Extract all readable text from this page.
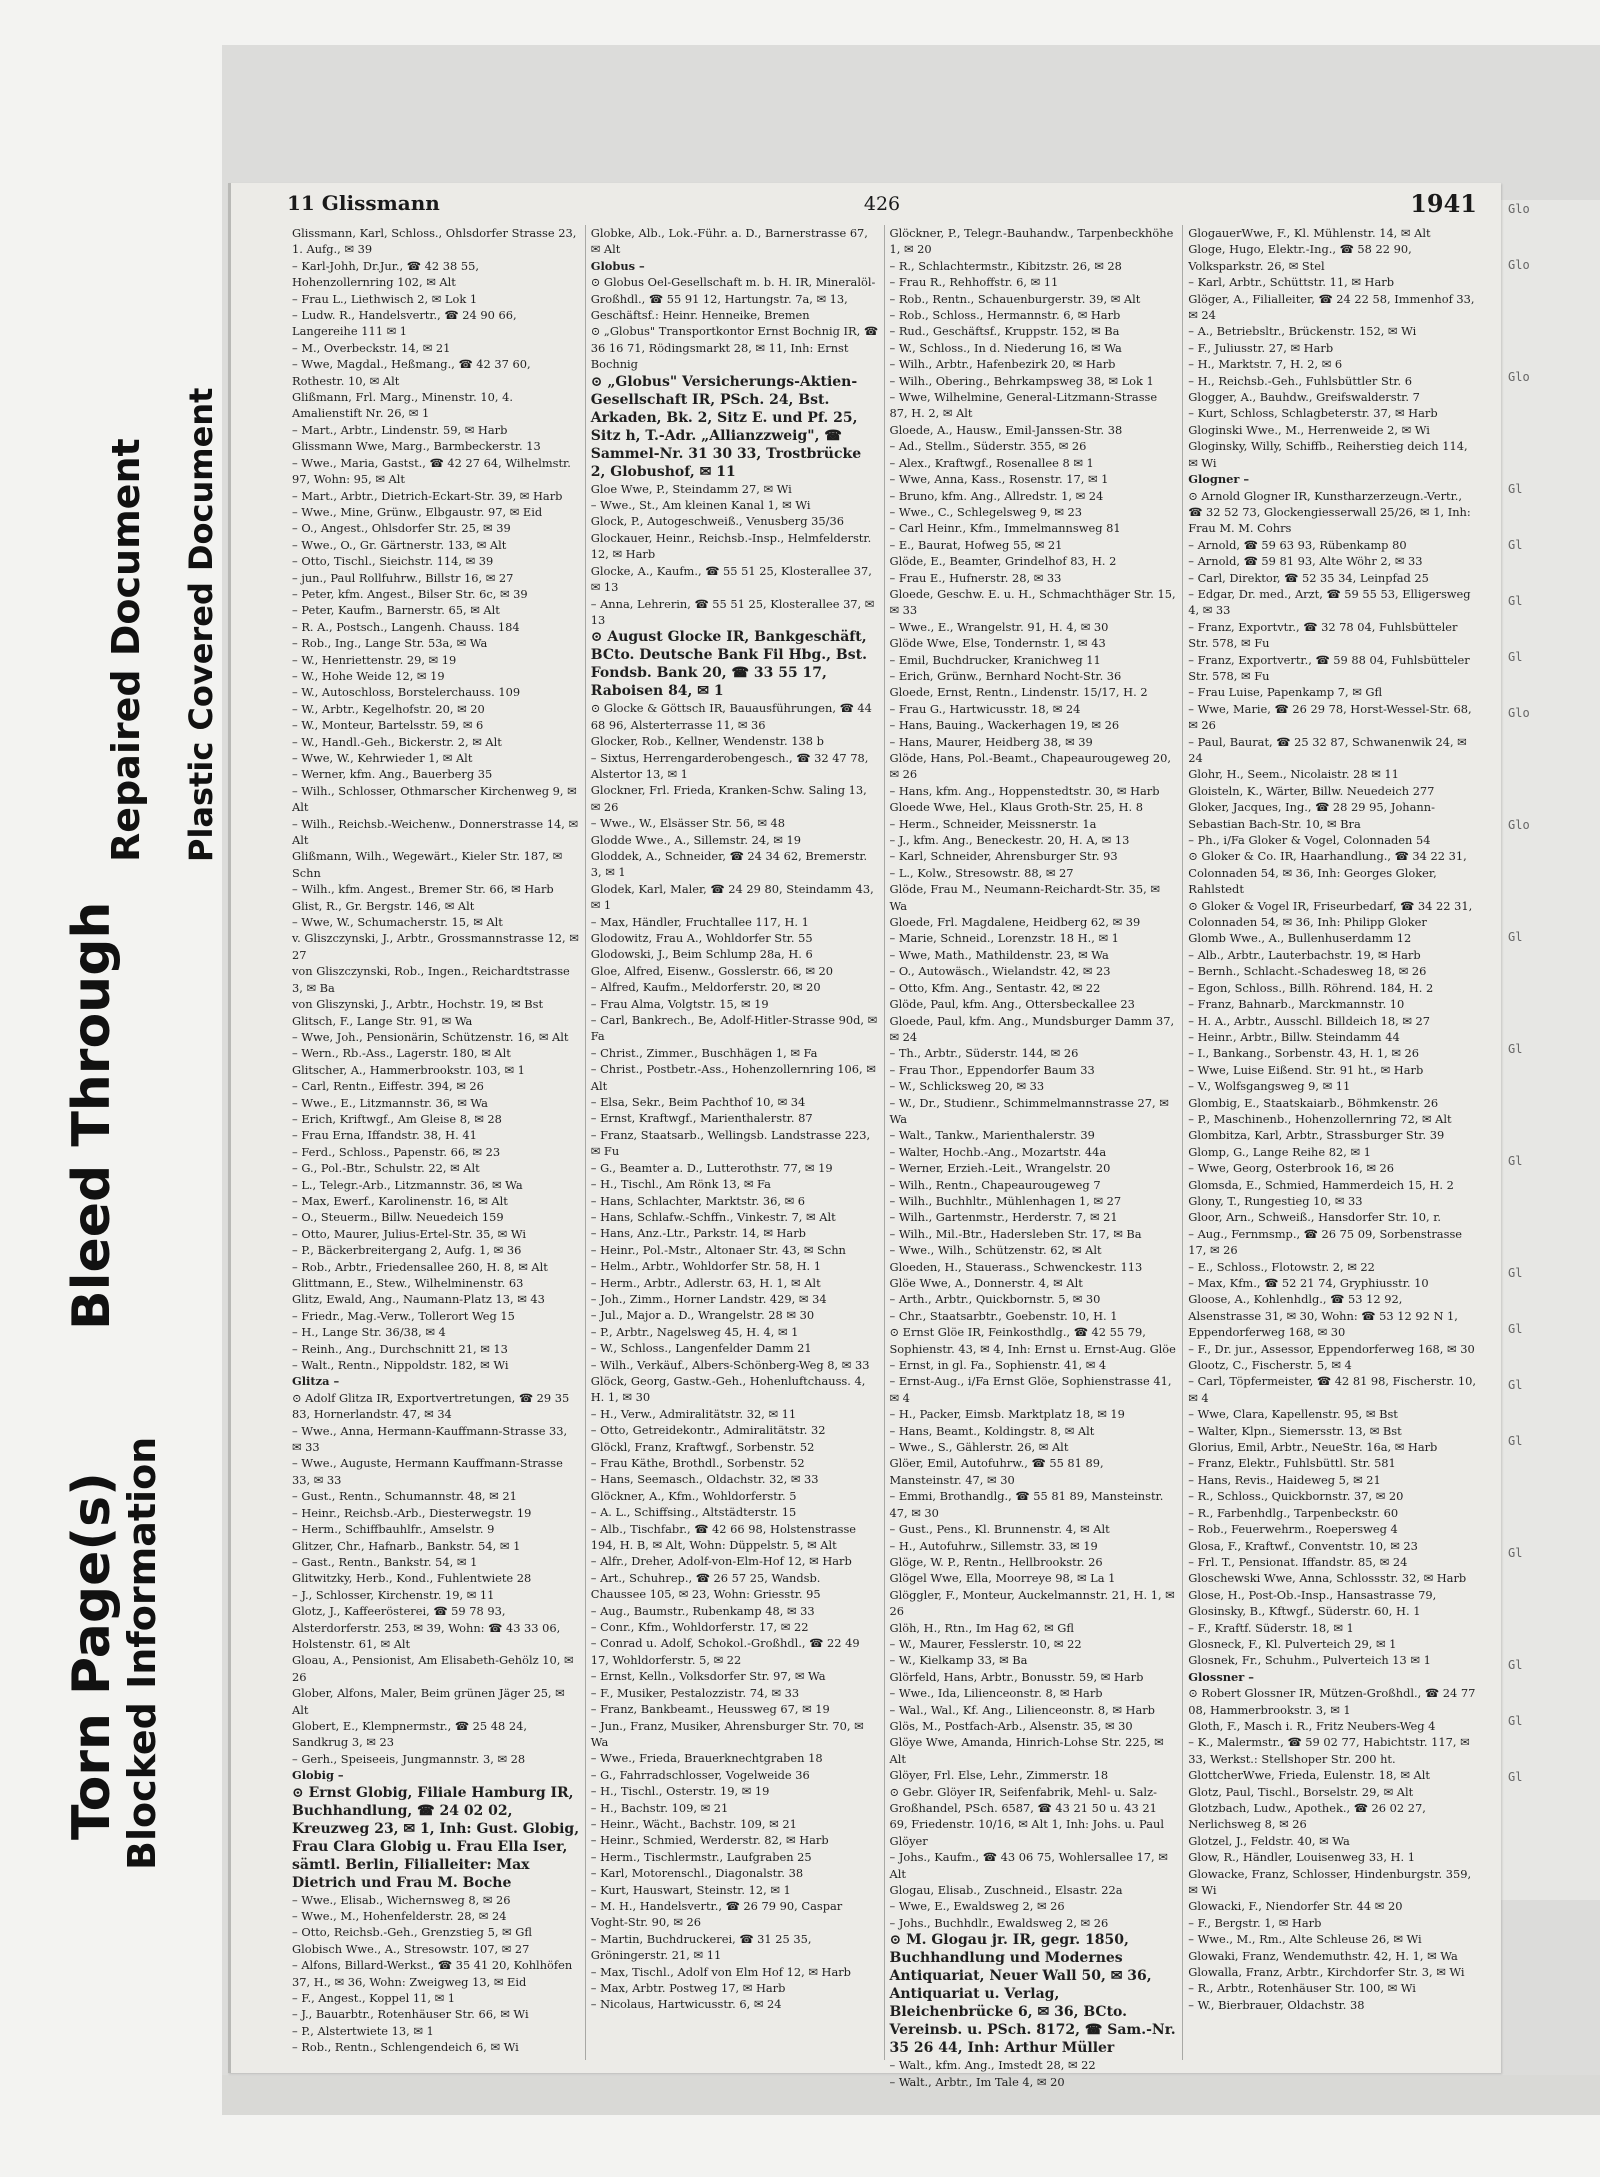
Torn Page(s)
Blocked Information
Bleed Through
Repaired Document Plastic Covered Document
Glo
Glo
Glo
Gl
Gl
Gl
Gl
Glo
Glo
Gl
Gl
Gl
Gl
Gl
Gl
Gl
Gl
Gl
Gl
Gl
11 Glissmann	426	1941
Glissmann, Karl, Schloss., Ohlsdorfer Strasse 23, 1. Aufg., ✉ 39
– Karl-Johh, Dr.Jur., ☎ 42 38 55, Hohenzollernring 102, ✉ Alt
– Frau L., Liethwisch 2, ✉ Lok 1
– Ludw. R., Handelsvertr., ☎ 24 90 66, Langereihe 111 ✉ 1
– M., Overbeckstr. 14, ✉ 21
– Wwe, Magdal., Heßmang., ☎ 42 37 60, Rothestr. 10, ✉ Alt
Glißmann, Frl. Marg., Minenstr. 10, 4. Amalienstift Nr. 26, ✉ 1
– Mart., Arbtr., Lindenstr. 59, ✉ Harb
Glissmann Wwe, Marg., Barmbeckerstr. 13
– Wwe., Maria, Gastst., ☎ 42 27 64, Wilhelmstr. 97, Wohn: 95, ✉ Alt
– Mart., Arbtr., Dietrich-Eckart-Str. 39, ✉ Harb
– Wwe., Mine, Grünw., Elbgaustr. 97, ✉ Eid
– O., Angest., Ohlsdorfer Str. 25, ✉ 39
– Wwe., O., Gr. Gärtnerstr. 133, ✉ Alt
– Otto, Tischl., Sieichstr. 114, ✉ 39
– jun., Paul Rollfuhrw., Billstr 16, ✉ 27
– Peter, kfm. Angest., Bilser Str. 6c, ✉ 39
– Peter, Kaufm., Barnerstr. 65, ✉ Alt
– R. A., Postsch., Langenh. Chauss. 184
– Rob., Ing., Lange Str. 53a, ✉ Wa
– W., Henriettenstr. 29, ✉ 19
– W., Hohe Weide 12, ✉ 19
– W., Autoschloss, Borstelerchauss. 109
– W., Arbtr., Kegelhofstr. 20, ✉ 20
– W., Monteur, Bartelsstr. 59, ✉ 6
– W., Handl.-Geh., Bickerstr. 2, ✉ Alt
– Wwe, W., Kehrwieder 1, ✉ Alt
– Werner, kfm. Ang., Bauerberg 35
– Wilh., Schlosser, Othmarscher Kirchenweg 9, ✉ Alt
– Wilh., Reichsb.-Weichenw., Donnerstrasse 14, ✉ Alt
Glißmann, Wilh., Wegewärt., Kieler Str. 187, ✉ Schn
– Wilh., kfm. Angest., Bremer Str. 66, ✉ Harb
Glist, R., Gr. Bergstr. 146, ✉ Alt
– Wwe, W., Schumacherstr. 15, ✉ Alt
v. Gliszczynski, J., Arbtr., Grossmannstrasse 12, ✉ 27
von Gliszczynski, Rob., Ingen., Reichardtstrasse 3, ✉ Ba
von Gliszynski, J., Arbtr., Hochstr. 19, ✉ Bst
Glitsch, F., Lange Str. 91, ✉ Wa
– Wwe, Joh., Pensionärin, Schützenstr. 16, ✉ Alt
– Wern., Rb.-Ass., Lagerstr. 180, ✉ Alt
Glitscher, A., Hammerbrookstr. 103, ✉ 1
– Carl, Rentn., Eiffestr. 394, ✉ 26
– Wwe., E., Litzmannstr. 36, ✉ Wa
– Erich, Kriftwgf., Am Gleise 8, ✉ 28
– Frau Erna, Iffandstr. 38, H. 41
– Ferd., Schloss., Papenstr. 66, ✉ 23
– G., Pol.-Btr., Schulstr. 22, ✉ Alt
– L., Telegr.-Arb., Litzmannstr. 36, ✉ Wa
– Max, Ewerf., Karolinenstr. 16, ✉ Alt
– O., Steuerm., Billw. Neuedeich 159
– Otto, Maurer, Julius-Ertel-Str. 35, ✉ Wi
– P., Bäckerbreitergang 2, Aufg. 1, ✉ 36
– Rob., Arbtr., Friedensallee 260, H. 8, ✉ Alt
Glittmann, E., Stew., Wilhelminenstr. 63
Glitz, Ewald, Ang., Naumann-Platz 13, ✉ 43
– Friedr., Mag.-Verw., Tollerort Weg 15
– H., Lange Str. 36/38, ✉ 4
– Reinh., Ang., Durchschnitt 21, ✉ 13
– Walt., Rentn., Nippoldstr. 182, ✉ Wi
Glitza –
⊙ Adolf Glitza IR, Exportvertretungen, ☎ 29 35 83, Hornerlandstr. 47, ✉ 34
– Wwe., Anna, Hermann-Kauffmann-Strasse 33, ✉ 33
– Wwe., Auguste, Hermann Kauffmann-Strasse 33, ✉ 33
– Gust., Rentn., Schumannstr. 48, ✉ 21
– Heinr., Reichsb.-Arb., Diesterwegstr. 19
– Herm., Schiffbauhlfr., Amselstr. 9
Glitzer, Chr., Hafnarb., Bankstr. 54, ✉ 1
– Gast., Rentn., Bankstr. 54, ✉ 1
Glitwitzky, Herb., Kond., Fuhlentwiete 28
– J., Schlosser, Kirchenstr. 19, ✉ 11
Glotz, J., Kaffeerösterei, ☎ 59 78 93, Alsterdorferstr. 253, ✉ 39, Wohn: ☎ 43 33 06, Holstenstr. 61, ✉ Alt
Gloau, A., Pensionist, Am Elisabeth-Gehölz 10, ✉ 26
Glober, Alfons, Maler, Beim grünen Jäger 25, ✉ Alt
Globert, E., Klempnermstr., ☎ 25 48 24, Sandkrug 3, ✉ 23
– Gerh., Speiseeis, Jungmannstr. 3, ✉ 28
Globig –
⊙ Ernst Globig, Filiale Hamburg IR, Buchhandlung, ☎ 24 02 02, Kreuzweg 23, ✉ 1, Inh: Gust. Globig, Frau Clara Globig u. Frau Ella Iser, sämtl. Berlin, Filialleiter: Max Dietrich und Frau M. Boche
– Wwe., Elisab., Wichernsweg 8, ✉ 26
– Wwe., M., Hohenfelderstr. 28, ✉ 24
– Otto, Reichsb.-Geh., Grenzstieg 5, ✉ Gfl
Globisch Wwe., A., Stresowstr. 107, ✉ 27
– Alfons, Billard-Werkst., ☎ 35 41 20, Kohlhöfen 37, H., ✉ 36, Wohn: Zweigweg 13, ✉ Eid
– F., Angest., Koppel 11, ✉ 1
– J., Bauarbtr., Rotenhäuser Str. 66, ✉ Wi
– P., Alstertwiete 13, ✉ 1
– Rob., Rentn., Schlengendeich 6, ✉ Wi
Globke, Alb., Lok.-Führ. a. D., Barnerstrasse 67, ✉ Alt
Globus –
⊙ Globus Oel-Gesellschaft m. b. H. IR, Mineralöl-Großhdl., ☎ 55 91 12, Hartungstr. 7a, ✉ 13, Geschäftsf.: Heinr. Henneike, Bremen
⊙ „Globus" Transportkontor Ernst Bochnig IR, ☎ 36 16 71, Rödingsmarkt 28, ✉ 11, Inh: Ernst Bochnig
⊙ „Globus" Versicherungs-Aktien-Gesellschaft IR, PSch. 24, Bst. Arkaden, Bk. 2, Sitz E. und Pf. 25, Sitz h, T.-Adr. „Allianzzweig", ☎ Sammel-Nr. 31 30 33, Trostbrücke 2, Globushof, ✉ 11
Gloe Wwe, P., Steindamm 27, ✉ Wi
– Wwe., St., Am kleinen Kanal 1, ✉ Wi
Glock, P., Autogeschweiß., Venusberg 35/36
Glockauer, Heinr., Reichsb.-Insp., Helmfelderstr. 12, ✉ Harb
Glocke, A., Kaufm., ☎ 55 51 25, Klosterallee 37, ✉ 13
– Anna, Lehrerin, ☎ 55 51 25, Klosterallee 37, ✉ 13
⊙ August Glocke IR, Bankgeschäft, BCto. Deutsche Bank Fil Hbg., Bst. Fondsb. Bank 20, ☎ 33 55 17, Raboisen 84, ✉ 1
⊙ Glocke & Göttsch IR, Bauausführungen, ☎ 44 68 96, Alsterterrasse 11, ✉ 36
Glocker, Rob., Kellner, Wendenstr. 138 b
– Sixtus, Herrengarderobengesch., ☎ 32 47 78, Alstertor 13, ✉ 1
Glockner, Frl. Frieda, Kranken-Schw. Saling 13, ✉ 26
– Wwe., W., Elsässer Str. 56, ✉ 48
Glodde Wwe., A., Sillemstr. 24, ✉ 19
Gloddek, A., Schneider, ☎ 24 34 62, Bremerstr. 3, ✉ 1
Glodek, Karl, Maler, ☎ 24 29 80, Steindamm 43, ✉ 1
– Max, Händler, Fruchtallee 117, H. 1
Glodowitz, Frau A., Wohldorfer Str. 55
Glodowski, J., Beim Schlump 28a, H. 6
Gloe, Alfred, Eisenw., Gosslerstr. 66, ✉ 20
– Alfred, Kaufm., Meldorferstr. 20, ✉ 20
– Frau Alma, Volgtstr. 15, ✉ 19
– Carl, Bankrech., Be, Adolf-Hitler-Strasse 90d, ✉ Fa
– Christ., Zimmer., Buschhägen 1, ✉ Fa
– Christ., Postbetr.-Ass., Hohenzollernring 106, ✉ Alt
– Elsa, Sekr., Beim Pachthof 10, ✉ 34
– Ernst, Kraftwgf., Marienthalerstr. 87
– Franz, Staatsarb., Wellingsb. Landstrasse 223, ✉ Fu
– G., Beamter a. D., Lutterothstr. 77, ✉ 19
– H., Tischl., Am Rönk 13, ✉ Fa
– Hans, Schlachter, Marktstr. 36, ✉ 6
– Hans, Schlafw.-Schffn., Vinkestr. 7, ✉ Alt
– Hans, Anz.-Ltr., Parkstr. 14, ✉ Harb
– Heinr., Pol.-Mstr., Altonaer Str. 43, ✉ Schn
– Helm., Arbtr., Wohldorfer Str. 58, H. 1
– Herm., Arbtr., Adlerstr. 63, H. 1, ✉ Alt
– Joh., Zimm., Horner Landstr. 429, ✉ 34
– Jul., Major a. D., Wrangelstr. 28 ✉ 30
– P., Arbtr., Nagelsweg 45, H. 4, ✉ 1
– W., Schloss., Langenfelder Damm 21
– Wilh., Verkäuf., Albers-Schönberg-Weg 8, ✉ 33
Glöck, Georg, Gastw.-Geh., Hohenluftchauss. 4, H. 1, ✉ 30
– H., Verw., Admiralitätstr. 32, ✉ 11
– Otto, Getreidekontr., Admiralitätstr. 32
Glöckl, Franz, Kraftwgf., Sorbenstr. 52
– Frau Käthe, Brothdl., Sorbenstr. 52
– Hans, Seemasch., Oldachstr. 32, ✉ 33
Glöckner, A., Kfm., Wohldorferstr. 5
– A. L., Schiffsing., Altstädterstr. 15
– Alb., Tischfabr., ☎ 42 66 98, Holstenstrasse 194, H. B, ✉ Alt, Wohn: Düppelstr. 5, ✉ Alt
– Alfr., Dreher, Adolf-von-Elm-Hof 12, ✉ Harb
– Art., Schuhrep., ☎ 26 57 25, Wandsb. Chaussee 105, ✉ 23, Wohn: Griesstr. 95
– Aug., Baumstr., Rubenkamp 48, ✉ 33
– Conr., Kfm., Wohldorferstr. 17, ✉ 22
– Conrad u. Adolf, Schokol.-Großhdl., ☎ 22 49 17, Wohldorferstr. 5, ✉ 22
– Ernst, Kelln., Volksdorfer Str. 97, ✉ Wa
– F., Musiker, Pestalozzistr. 74, ✉ 33
– Franz, Bankbeamt., Heussweg 67, ✉ 19
– Jun., Franz, Musiker, Ahrensburger Str. 70, ✉ Wa
– Wwe., Frieda, Brauerknechtgraben 18
– G., Fahrradschlosser, Vogelweide 36
– H., Tischl., Osterstr. 19, ✉ 19
– H., Bachstr. 109, ✉ 21
– Heinr., Wächt., Bachstr. 109, ✉ 21
– Heinr., Schmied, Werderstr. 82, ✉ Harb
– Herm., Tischlermstr., Laufgraben 25
– Karl, Motorenschl., Diagonalstr. 38
– Kurt, Hauswart, Steinstr. 12, ✉ 1
– M. H., Handelsvertr., ☎ 26 79 90, Caspar Voght-Str. 90, ✉ 26
– Martin, Buchdruckerei, ☎ 31 25 35, Gröningerstr. 21, ✉ 11
– Max, Tischl., Adolf von Elm Hof 12, ✉ Harb
– Max, Arbtr. Postweg 17, ✉ Harb
– Nicolaus, Hartwicusstr. 6, ✉ 24
Glöckner, P., Telegr.-Bauhandw., Tarpenbeckhöhe 1, ✉ 20
– R., Schlachtermstr., Kibitzstr. 26, ✉ 28
– Frau R., Rehhoffstr. 6, ✉ 11
– Rob., Rentn., Schauenburgerstr. 39, ✉ Alt
– Rob., Schloss., Hermannstr. 6, ✉ Harb
– Rud., Geschäftsf., Kruppstr. 152, ✉ Ba
– W., Schloss., In d. Niederung 16, ✉ Wa
– Wilh., Arbtr., Hafenbezirk 20, ✉ Harb
– Wilh., Obering., Behrkampsweg 38, ✉ Lok 1
– Wwe, Wilhelmine, General-Litzmann-Strasse 87, H. 2, ✉ Alt
Gloede, A., Hausw., Emil-Janssen-Str. 38
– Ad., Stellm., Süderstr. 355, ✉ 26
– Alex., Kraftwgf., Rosenallee 8 ✉ 1
– Wwe, Anna, Kass., Rosenstr. 17, ✉ 1
– Bruno, kfm. Ang., Allredstr. 1, ✉ 24
– Wwe., C., Schlegelsweg 9, ✉ 23
– Carl Heinr., Kfm., Immelmannsweg 81
– E., Baurat, Hofweg 55, ✉ 21
Glöde, E., Beamter, Grindelhof 83, H. 2
– Frau E., Hufnerstr. 28, ✉ 33
Gloede, Geschw. E. u. H., Schmachthäger Str. 15, ✉ 33
– Wwe., E., Wrangelstr. 91, H. 4, ✉ 30
Glöde Wwe, Else, Tondernstr. 1, ✉ 43
– Emil, Buchdrucker, Kranichweg 11
– Erich, Grünw., Bernhard Nocht-Str. 36
Gloede, Ernst, Rentn., Lindenstr. 15/17, H. 2
– Frau G., Hartwicusstr. 18, ✉ 24
– Hans, Bauing., Wackerhagen 19, ✉ 26
– Hans, Maurer, Heidberg 38, ✉ 39
Glöde, Hans, Pol.-Beamt., Chapeaurougeweg 20, ✉ 26
– Hans, kfm. Ang., Hoppenstedtstr. 30, ✉ Harb
Gloede Wwe, Hel., Klaus Groth-Str. 25, H. 8
– Herm., Schneider, Meissnerstr. 1a
– J., kfm. Ang., Beneckestr. 20, H. A, ✉ 13
– Karl, Schneider, Ahrensburger Str. 93
– L., Kolw., Stresowstr. 88, ✉ 27
Glöde, Frau M., Neumann-Reichardt-Str. 35, ✉ Wa
Gloede, Frl. Magdalene, Heidberg 62, ✉ 39
– Marie, Schneid., Lorenzstr. 18 H., ✉ 1
– Wwe, Math., Mathildenstr. 23, ✉ Wa
– O., Autowäsch., Wielandstr. 42, ✉ 23
– Otto, Kfm. Ang., Sentastr. 42, ✉ 22
Glöde, Paul, kfm. Ang., Ottersbeckallee 23
Gloede, Paul, kfm. Ang., Mundsburger Damm 37, ✉ 24
– Th., Arbtr., Süderstr. 144, ✉ 26
– Frau Thor., Eppendorfer Baum 33
– W., Schlicksweg 20, ✉ 33
– W., Dr., Studienr., Schimmelmannstrasse 27, ✉ Wa
– Walt., Tankw., Marienthalerstr. 39
– Walter, Hochb.-Ang., Mozartstr. 44a
– Werner, Erzieh.-Leit., Wrangelstr. 20
– Wilh., Rentn., Chapeaurougeweg 7
– Wilh., Buchhltr., Mühlenhagen 1, ✉ 27
– Wilh., Gartenmstr., Herderstr. 7, ✉ 21
– Wilh., Mil.-Btr., Hadersleben Str. 17, ✉ Ba
– Wwe., Wilh., Schützenstr. 62, ✉ Alt
Gloeden, H., Stauerass., Schwenckestr. 113
Glöe Wwe, A., Donnerstr. 4, ✉ Alt
– Arth., Arbtr., Quickbornstr. 5, ✉ 30
– Chr., Staatsarbtr., Goebenstr. 10, H. 1
⊙ Ernst Glöe IR, Feinkosthdlg., ☎ 42 55 79, Sophienstr. 43, ✉ 4, Inh: Ernst u. Ernst-Aug. Glöe
– Ernst, in gl. Fa., Sophienstr. 41, ✉ 4
– Ernst-Aug., i/Fa Ernst Glöe, Sophienstrasse 41, ✉ 4
– H., Packer, Eimsb. Marktplatz 18, ✉ 19
– Hans, Beamt., Koldingstr. 8, ✉ Alt
– Wwe., S., Gählerstr. 26, ✉ Alt
Glöer, Emil, Autofuhrw., ☎ 55 81 89, Mansteinstr. 47, ✉ 30
– Emmi, Brothandlg., ☎ 55 81 89, Mansteinstr. 47, ✉ 30
– Gust., Pens., Kl. Brunnenstr. 4, ✉ Alt
– H., Autofuhrw., Sillemstr. 33, ✉ 19
Glöge, W. P., Rentn., Hellbrookstr. 26
Glögel Wwe, Ella, Moorreye 98, ✉ La 1
Glöggler, F., Monteur, Auckelmannstr. 21, H. 1, ✉ 26
Glöh, H., Rtn., Im Hag 62, ✉ Gfl
– W., Maurer, Fesslerstr. 10, ✉ 22
– W., Kielkamp 33, ✉ Ba
Glörfeld, Hans, Arbtr., Bonusstr. 59, ✉ Harb
– Wwe., Ida, Lilienceonstr. 8, ✉ Harb
– Wal., Wal., Kf. Ang., Lilienceonstr. 8, ✉ Harb
Glös, M., Postfach-Arb., Alsenstr. 35, ✉ 30
Glöye Wwe, Amanda, Hinrich-Lohse Str. 225, ✉ Alt
Glöyer, Frl. Else, Lehr., Zimmerstr. 18
⊙ Gebr. Glöyer IR, Seifenfabrik, Mehl- u. Salz-Großhandel, PSch. 6587, ☎ 43 21 50 u. 43 21 69, Friedenstr. 10/16, ✉ Alt 1, Inh: Johs. u. Paul Glöyer
– Johs., Kaufm., ☎ 43 06 75, Wohlersallee 17, ✉ Alt
Glogau, Elisab., Zuschneid., Elsastr. 22a
– Wwe, E., Ewaldsweg 2, ✉ 26
– Johs., Buchhdlr., Ewaldsweg 2, ✉ 26
⊙ M. Glogau jr. IR, gegr. 1850, Buchhandlung und Modernes Antiquariat, Neuer Wall 50, ✉ 36, Antiquariat u. Verlag, Bleichenbrücke 6, ✉ 36, BCto. Vereinsb. u. PSch. 8172, ☎ Sam.-Nr. 35 26 44, Inh: Arthur Müller
– Walt., kfm. Ang., Imstedt 28, ✉ 22
– Walt., Arbtr., Im Tale 4, ✉ 20
GlogauerWwe, F., Kl. Mühlenstr. 14, ✉ Alt
Gloge, Hugo, Elektr.-Ing., ☎ 58 22 90, Volksparkstr. 26, ✉ Stel
– Karl, Arbtr., Schüttstr. 11, ✉ Harb
Glöger, A., Filialleiter, ☎ 24 22 58, Immenhof 33, ✉ 24
– A., Betriebsltr., Brückenstr. 152, ✉ Wi
– F., Juliusstr. 27, ✉ Harb
– H., Marktstr. 7, H. 2, ✉ 6
– H., Reichsb.-Geh., Fuhlsbüttler Str. 6
Glogger, A., Bauhdw., Greifswalderstr. 7
– Kurt, Schloss, Schlagbeterstr. 37, ✉ Harb
Gloginski Wwe., M., Herrenweide 2, ✉ Wi
Gloginsky, Willy, Schiffb., Reiherstieg deich 114, ✉ Wi
Glogner –
⊙ Arnold Glogner IR, Kunstharzerzeugn.-Vertr., ☎ 32 52 73, Glockengiesserwall 25/26, ✉ 1, Inh: Frau M. M. Cohrs
– Arnold, ☎ 59 63 93, Rübenkamp 80
– Arnold, ☎ 59 81 93, Alte Wöhr 2, ✉ 33
– Carl, Direktor, ☎ 52 35 34, Leinpfad 25
– Edgar, Dr. med., Arzt, ☎ 59 55 53, Elligersweg 4, ✉ 33
– Franz, Exportvtr., ☎ 32 78 04, Fuhlsbütteler Str. 578, ✉ Fu
– Franz, Exportvertr., ☎ 59 88 04, Fuhlsbütteler Str. 578, ✉ Fu
– Frau Luise, Papenkamp 7, ✉ Gfl
– Wwe, Marie, ☎ 26 29 78, Horst-Wessel-Str. 68, ✉ 26
– Paul, Baurat, ☎ 25 32 87, Schwanenwik 24, ✉ 24
Glohr, H., Seem., Nicolaistr. 28 ✉ 11
Gloisteln, K., Wärter, Billw. Neuedeich 277
Gloker, Jacques, Ing., ☎ 28 29 95, Johann-Sebastian Bach-Str. 10, ✉ Bra
– Ph., i/Fa Gloker & Vogel, Colonnaden 54
⊙ Gloker & Co. IR, Haarhandlung., ☎ 34 22 31, Colonnaden 54, ✉ 36, Inh: Georges Gloker, Rahlstedt
⊙ Gloker & Vogel IR, Friseurbedarf, ☎ 34 22 31, Colonnaden 54, ✉ 36, Inh: Philipp Gloker
Glomb Wwe., A., Bullenhuserdamm 12
– Alb., Arbtr., Lauterbachstr. 19, ✉ Harb
– Bernh., Schlacht.-Schadesweg 18, ✉ 26
– Egon, Schloss., Billh. Röhrend. 184, H. 2
– Franz, Bahnarb., Marckmannstr. 10
– H. A., Arbtr., Ausschl. Billdeich 18, ✉ 27
– Heinr., Arbtr., Billw. Steindamm 44
– I., Bankang., Sorbenstr. 43, H. 1, ✉ 26
– Wwe, Luise Eißend. Str. 91 ht., ✉ Harb
– V., Wolfsgangsweg 9, ✉ 11
Glombig, E., Staatskaiarb., Böhmkenstr. 26
– P., Maschinenb., Hohenzollernring 72, ✉ Alt
Glombitza, Karl, Arbtr., Strassburger Str. 39
Glomp, G., Lange Reihe 82, ✉ 1
– Wwe, Georg, Osterbrook 16, ✉ 26
Glomsda, E., Schmied, Hammerdeich 15, H. 2
Glony, T., Rungestieg 10, ✉ 33
Gloor, Arn., Schweiß., Hansdorfer Str. 10, r.
– Aug., Fernmsmp., ☎ 26 75 09, Sorbenstrasse 17, ✉ 26
– E., Schloss., Flotowstr. 2, ✉ 22
– Max, Kfm., ☎ 52 21 74, Gryphiusstr. 10
Gloose, A., Kohlenhdlg., ☎ 53 12 92, Alsenstrasse 31, ✉ 30, Wohn: ☎ 53 12 92 N 1, Eppendorferweg 168, ✉ 30
– F., Dr. jur., Assessor, Eppendorferweg 168, ✉ 30
Glootz, C., Fischerstr. 5, ✉ 4
– Carl, Töpfermeister, ☎ 42 81 98, Fischerstr. 10, ✉ 4
– Wwe, Clara, Kapellenstr. 95, ✉ Bst
– Walter, Klpn., Siemersstr. 13, ✉ Bst
Glorius, Emil, Arbtr., NeueStr. 16a, ✉ Harb
– Franz, Elektr., Fuhlsbüttl. Str. 581
– Hans, Revis., Haideweg 5, ✉ 21
– R., Schloss., Quickbornstr. 37, ✉ 20
– R., Farbenhdlg., Tarpenbeckstr. 60
– Rob., Feuerwehrm., Roepersweg 4
Glosa, F., Kraftwf., Conventstr. 10, ✉ 23
– Frl. T., Pensionat. Iffandstr. 85, ✉ 24
Gloschewski Wwe, Anna, Schlossstr. 32, ✉ Harb
Glose, H., Post-Ob.-Insp., Hansastrasse 79,
Glosinsky, B., Kftwgf., Süderstr. 60, H. 1
– F., Kraftf. Süderstr. 18, ✉ 1
Glosneck, F., Kl. Pulverteich 29, ✉ 1
Glosnek, Fr., Schuhm., Pulverteich 13 ✉ 1
Glossner –
⊙ Robert Glossner IR, Mützen-Großhdl., ☎ 24 77 08, Hammerbrookstr. 3, ✉ 1
Gloth, F., Masch i. R., Fritz Neubers-Weg 4
– K., Malermstr., ☎ 59 02 77, Habichtstr. 117, ✉ 33, Werkst.: Stellshoper Str. 200 ht.
GlottcherWwe, Frieda, Eulenstr. 18, ✉ Alt
Glotz, Paul, Tischl., Borselstr. 29, ✉ Alt
Glotzbach, Ludw., Apothek., ☎ 26 02 27, Nerlichsweg 8, ✉ 26
Glotzel, J., Feldstr. 40, ✉ Wa
Glow, R., Händler, Louisenweg 33, H. 1
Glowacke, Franz, Schlosser, Hindenburgstr. 359, ✉ Wi
Glowacki, F., Niendorfer Str. 44 ✉ 20
– F., Bergstr. 1, ✉ Harb
– Wwe., M., Rm., Alte Schleuse 26, ✉ Wi
Glowaki, Franz, Wendemuthstr. 42, H. 1, ✉ Wa
Glowalla, Franz, Arbtr., Kirchdorfer Str. 3, ✉ Wi
– R., Arbtr., Rotenhäuser Str. 100, ✉ Wi
– W., Bierbrauer, Oldachstr. 38
